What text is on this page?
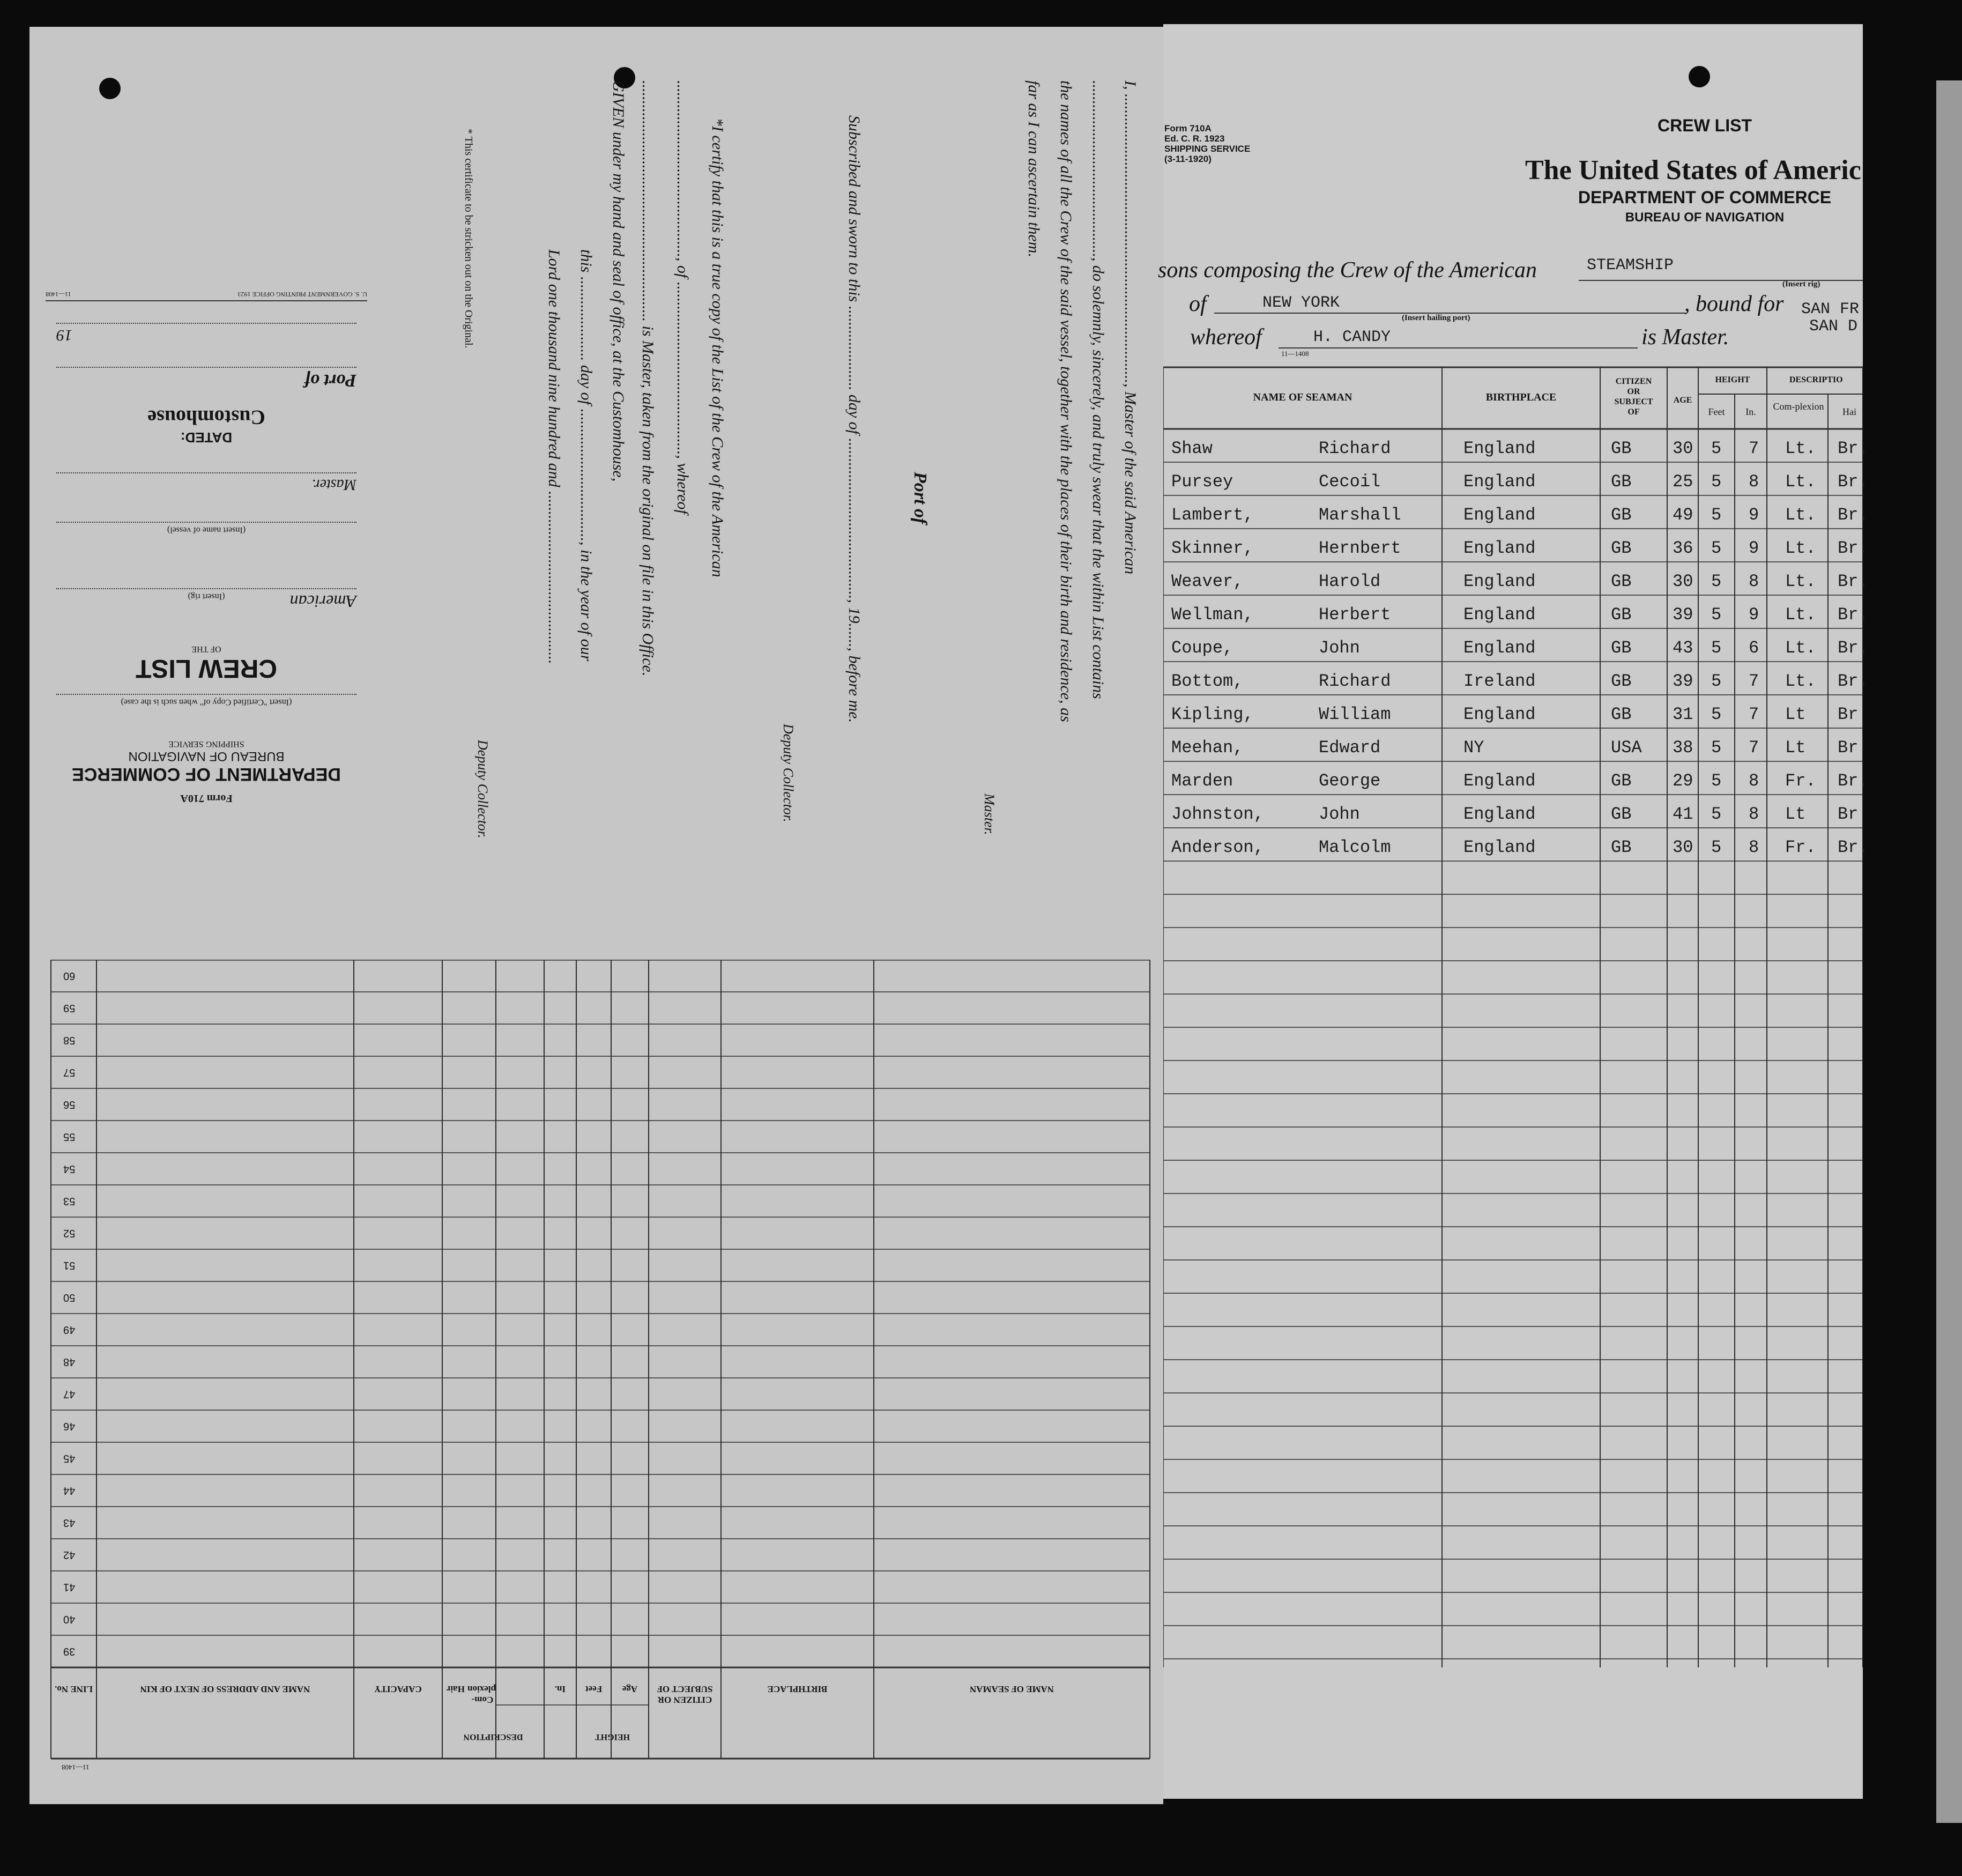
Form 710A
DEPARTMENT OF COMMERCE
BUREAU OF NAVIGATION
SHIPPING SERVICE
(Insert "Certified Copy of" when such is the case)
CREW LIST
OF THE
(Insert rig)	American
(Insert name of vessel)
Master.
DATED:
Customhouse
Port of
19
U. S. GOVERNMENT PRINTING OFFICE 1923
11—1408	* This certificate to be stricken out on the Original.
Deputy Collector.
Lord one thousand nine hundred and ........................................... this ..................... day of ................................., in the year of our GIVEN under my hand and seal of office, at the Customhouse, ............................................................ is Master, taken from the original on file in this Office. ............................................, of ..........................................., whereof *I certify that this is a true copy of the List of the Crew of the American
Deputy Collector.
Subscribed and sworn to this ..................... day of ........................................, 19......, before me.	Port of
Master.
far as I can ascertain them. the names of all the Crew of the said vessel, together with the places of their birth and residence, as ............................................, do solemnly, sincerely, and truly swear that the within List contains I, ........................................................................, Master of the said American
39
40
41
42
43
44
45
46
47
48
49
50
51
52
53
54
55
56
57
58
59
60
LINE No.	NAME AND ADDRESS OF NEXT OF KIN	CAPACITY	Hair
Com-plexion	In.	Feet	Age
CITIZEN OR SUBJECT OF	BIRTHPLACE	NAME OF SEAMAN
DESCRIPTION	HEIGHT
11—1408
Form 710A
Ed. C. R. 1923
SHIPPING SERVICE
(3-11-1920)
CREW LIST
The United States of Americ
DEPARTMENT OF COMMERCE
BUREAU OF NAVIGATION
sons composing the Crew of the American	STEAMSHIP
(Insert rig)
of	NEW YORK
(Insert hailing port)
, bound for SAN FR
SAN D
whereof	H. CANDY
11—1408
is Master.
NAME OF SEAMAN	BIRTHPLACE
CITIZEN
OR
SUBJECT
OF
AGE
HEIGHT
Feet	In.
DESCRIPTIO
Com-plexion	Hai
Shaw	Richard	England	GB 30 5 7 Lt. Br.
Pursey	Cecoil	England	GB 25 5 8 Lt. Br.
Lambert,	Marshall	England	GB 49 5 9 Lt. Br.
Skinner,	Hernbert	England	GB 36 5 9 Lt. Br.
Weaver,	Harold	England	GB 30 5 8 Lt. Br.
Wellman,	Herbert	England	GB 39 5 9 Lt. Br.
Coupe,	John	England	GB 43 5 6 Lt. Br.
Bottom,	Richard	Ireland	GB 39 5 7 Lt. Br.
Kipling,	William	England	GB 31 5 7 Lt Br
Meehan,	Edward	NY	USA 38 5 7 Lt Br
Marden	George	England	GB 29 5 8 Fr. Br.
Johnston,	John	England	GB 41 5 8 Lt Br
Anderson,	Malcolm	England	GB 30 5 8 Fr. Br.
